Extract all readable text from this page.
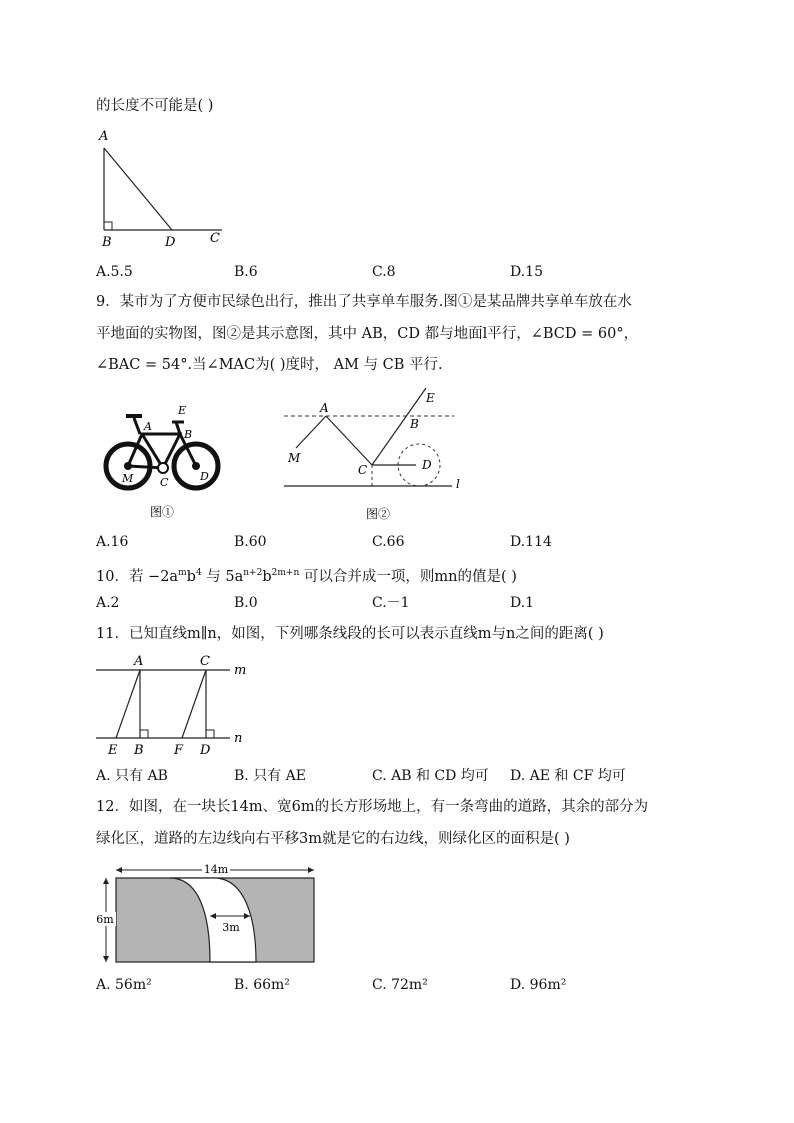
的长度不可能是( )
A
B	D	C
A.5.5	B.6	C.8	D.15
9．某市为了方便市民绿色出行，推出了共享单车服务.图①是某品牌共享单车放在水
平地面的实物图，图②是其示意图，其中 AB，CD 都与地面l平行，∠BCD = 60°，
∠BAC = 54°.当∠MAC为( )度时， AM 与 CB 平行.
E
A
B
M C	D
图①
A
E
B
M
C	D
l
图②
A.16	B.60	C.66	D.114
10．若 $-2a^mb^4$ 与 $5a^{n+2}b^{2m+n}$ 可以合并成一项，则mn的值是( )
A.2	B.0	C.－1	D.1
11．已知直线m∥n，如图，下列哪条线段的长可以表示直线m与n之间的距离( )
A	C
m
E B F D
n
A. 只有 AB	B. 只有 AE	C. AB 和 CD 均可 D. AE 和 CF 均可
12．如图，在一块长14m、宽6m的长方形场地上，有一条弯曲的道路，其余的部分为
绿化区，道路的左边线向右平移3m就是它的右边线，则绿化区的面积是( )
14m
6m
3m
A. 56m²	B. 66m²	C. 72m²	D. 96m²
